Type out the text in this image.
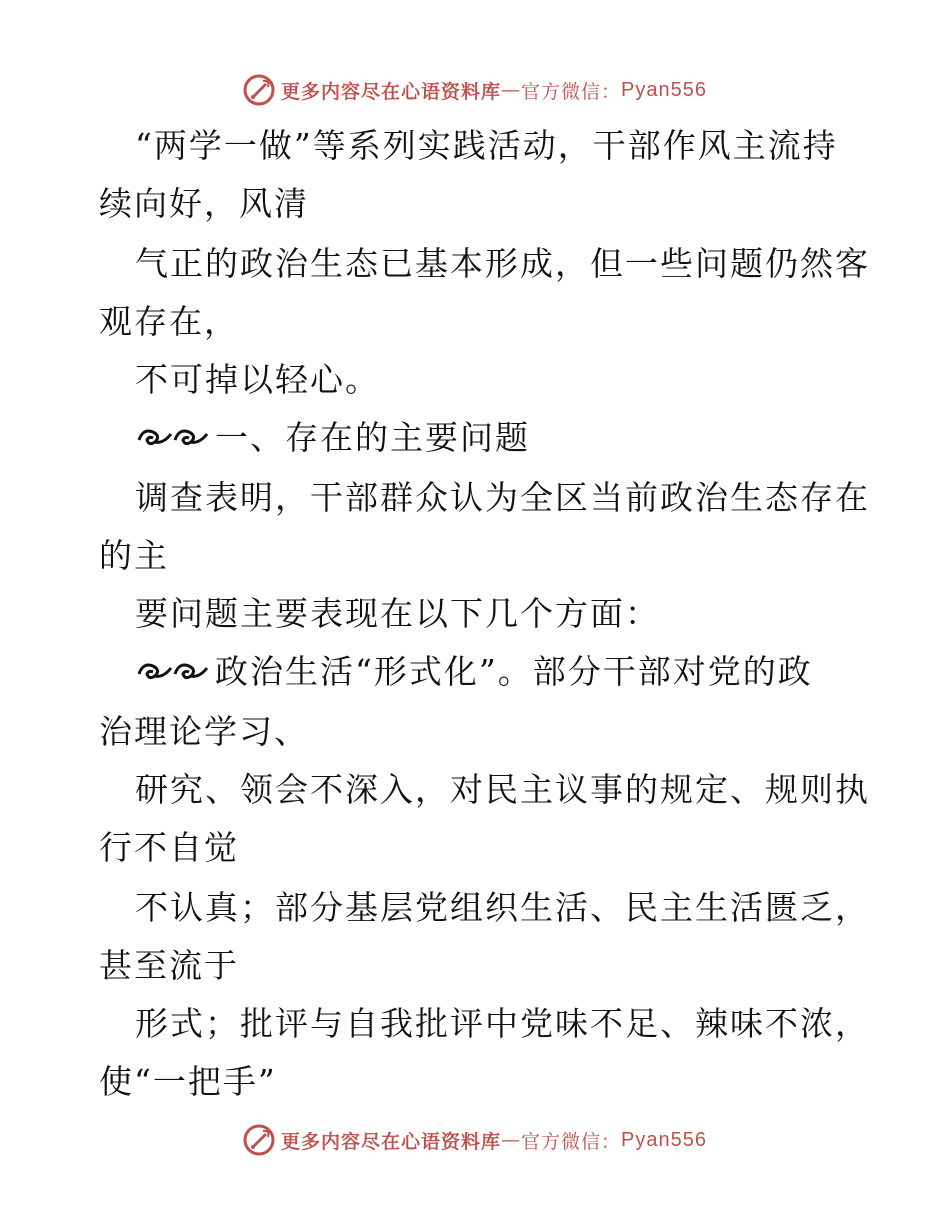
更多内容尽在心语资料库 — 官方微信： Pyan556
“两学一做”等系列实践活动，干部作风主流持
续向好，风清
气正的政治生态已基本形成，但一些问题仍然客
观存在，
不可掉以轻心。
一、存在的主要问题
调查表明，干部群众认为全区当前政治生态存在
的主
要问题主要表现在以下几个方面：
政治生活“形式化”。部分干部对党的政
治理论学习、
研究、领会不深入，对民主议事的规定、规则执
行不自觉
不认真；部分基层党组织生活、民主生活匮乏，
甚至流于
形式；批评与自我批评中党味不足、辣味不浓，
使“一把手”
更多内容尽在心语资料库 — 官方微信： Pyan556
